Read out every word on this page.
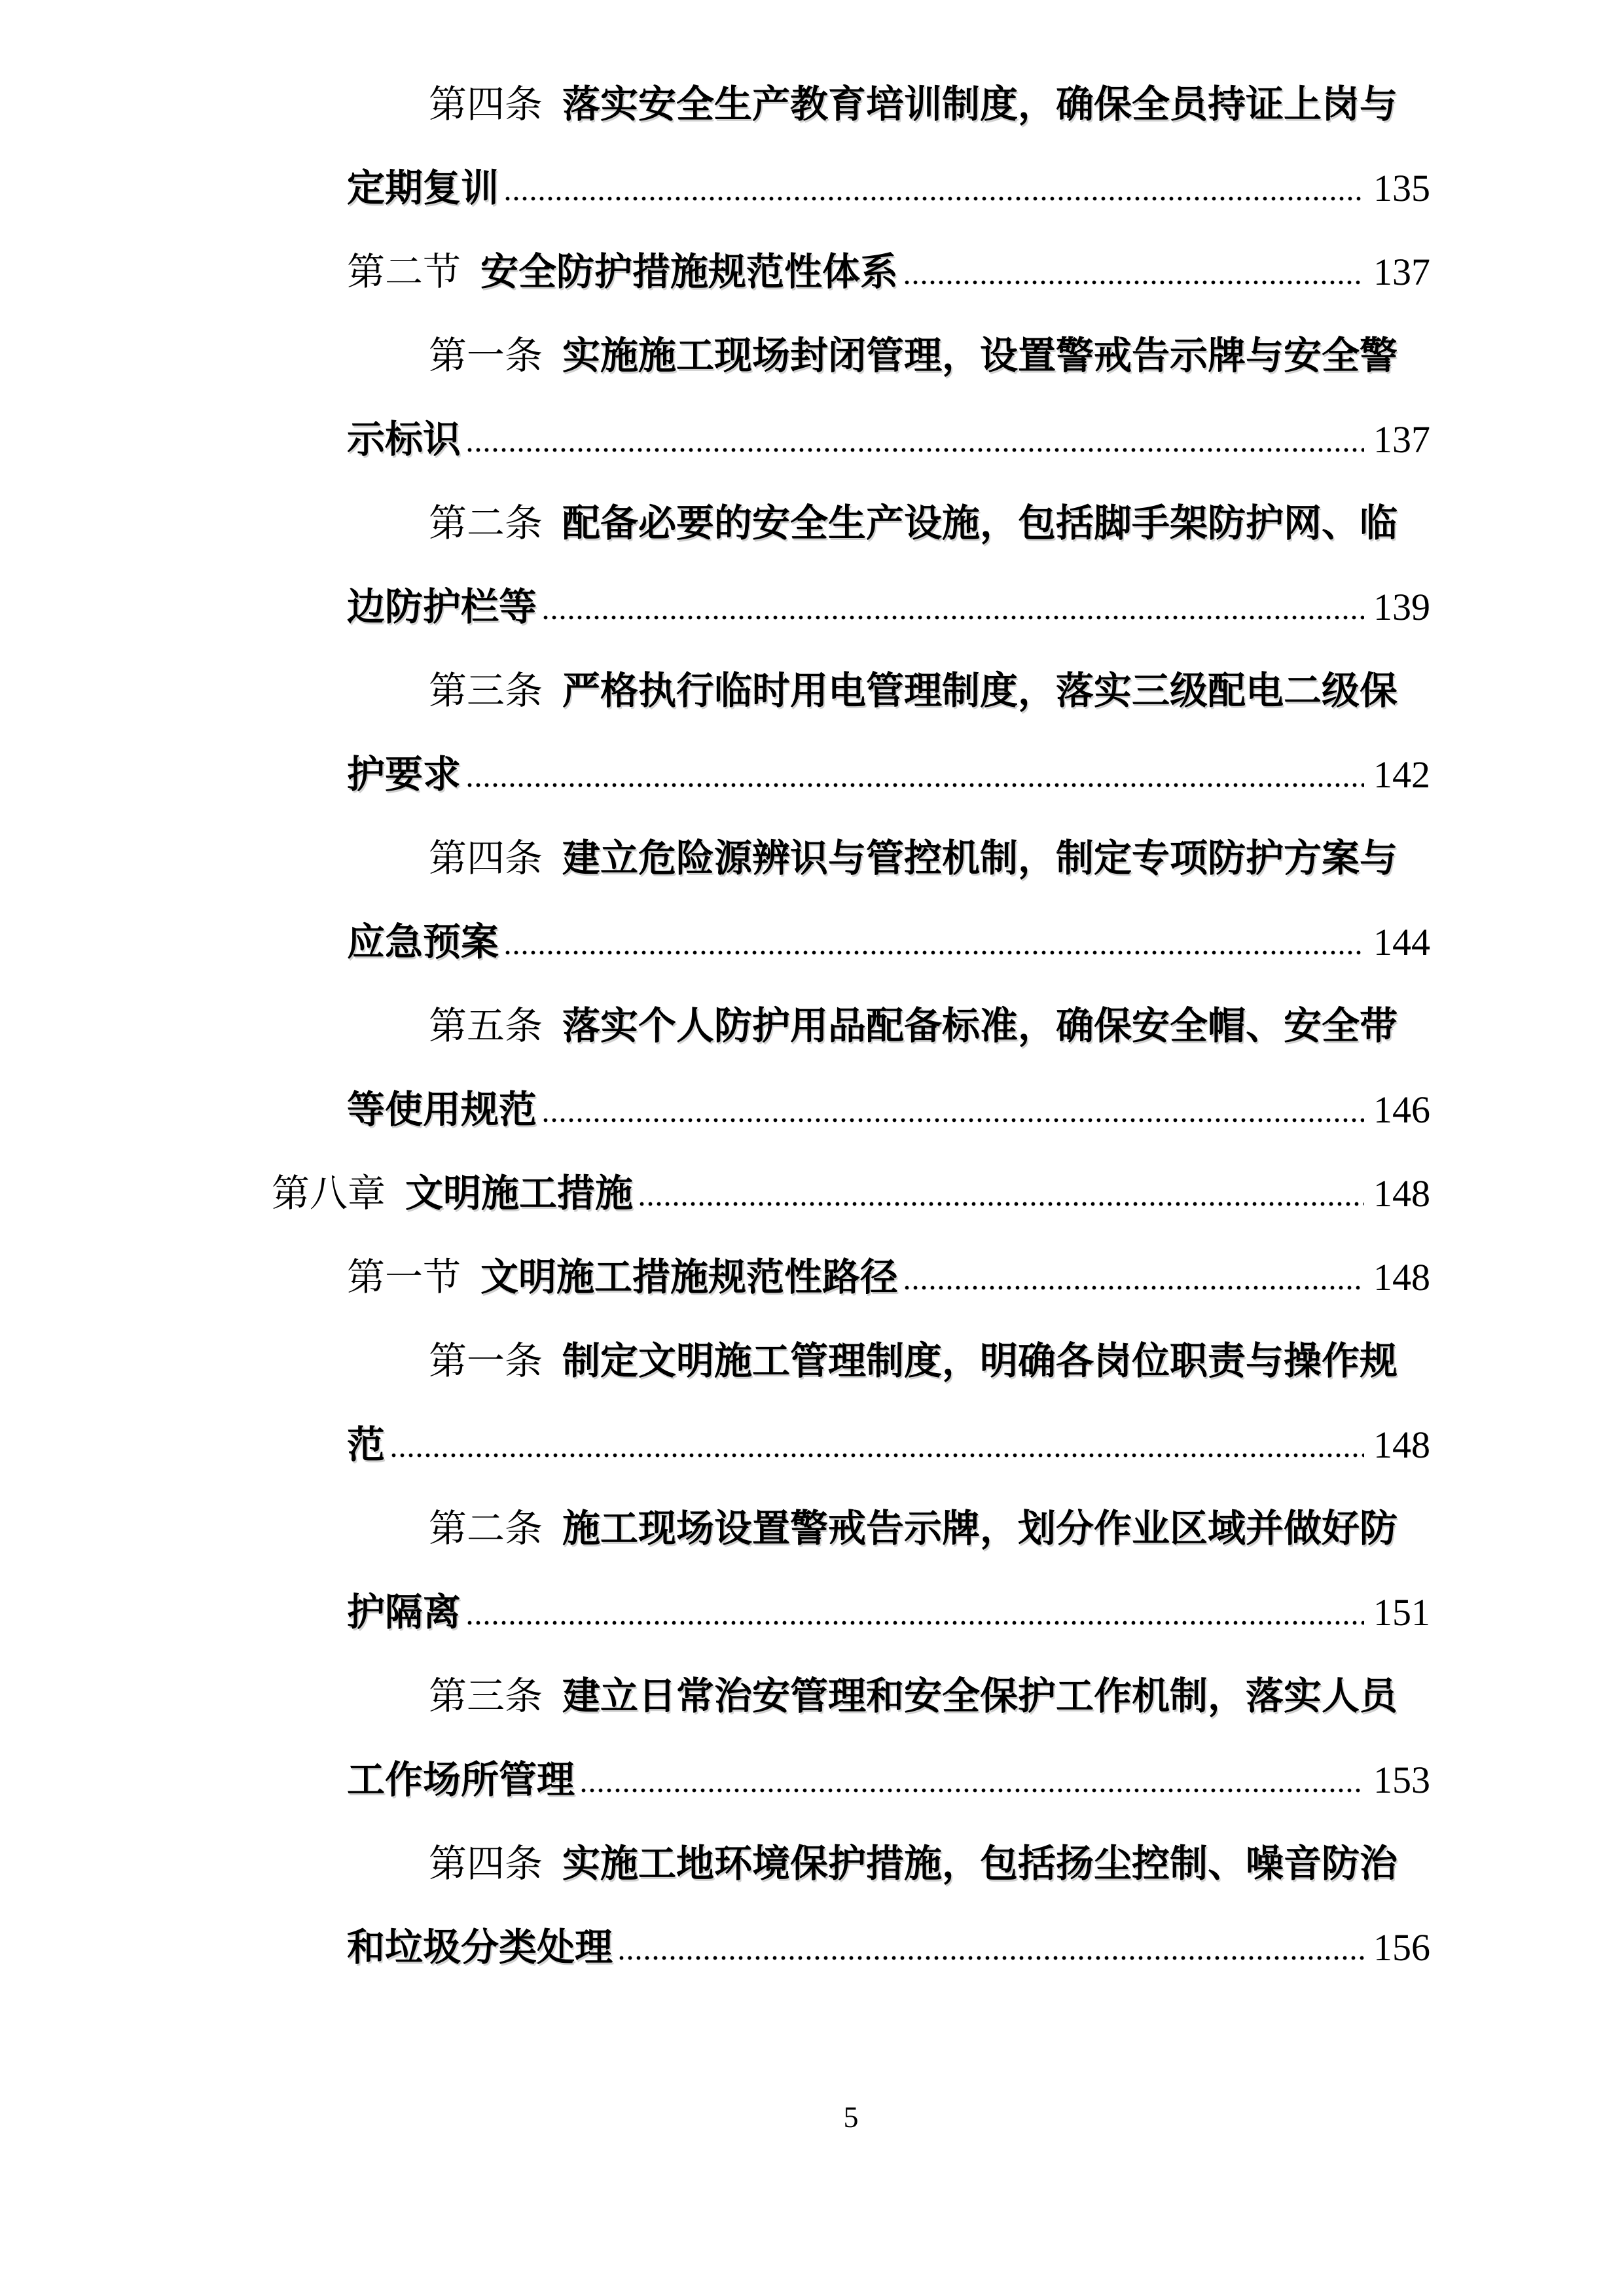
第四条 落实安全生产教育培训制度，确保全员持证上岗与
定期复训	135
第二节 安全防护措施规范性体系	137
第一条 实施施工现场封闭管理，设置警戒告示牌与安全警
示标识	137
第二条 配备必要的安全生产设施，包括脚手架防护网、临
边防护栏等	139
第三条 严格执行临时用电管理制度，落实三级配电二级保
护要求	142
第四条 建立危险源辨识与管控机制，制定专项防护方案与
应急预案	144
第五条 落实个人防护用品配备标准，确保安全帽、安全带
等使用规范	146
第八章 文明施工措施	148
第一节 文明施工措施规范性路径	148
第一条 制定文明施工管理制度，明确各岗位职责与操作规
范	148
第二条 施工现场设置警戒告示牌，划分作业区域并做好防
护隔离	151
第三条 建立日常治安管理和安全保护工作机制，落实人员
工作场所管理	153
第四条 实施工地环境保护措施，包括扬尘控制、噪音防治
和垃圾分类处理	156
5
